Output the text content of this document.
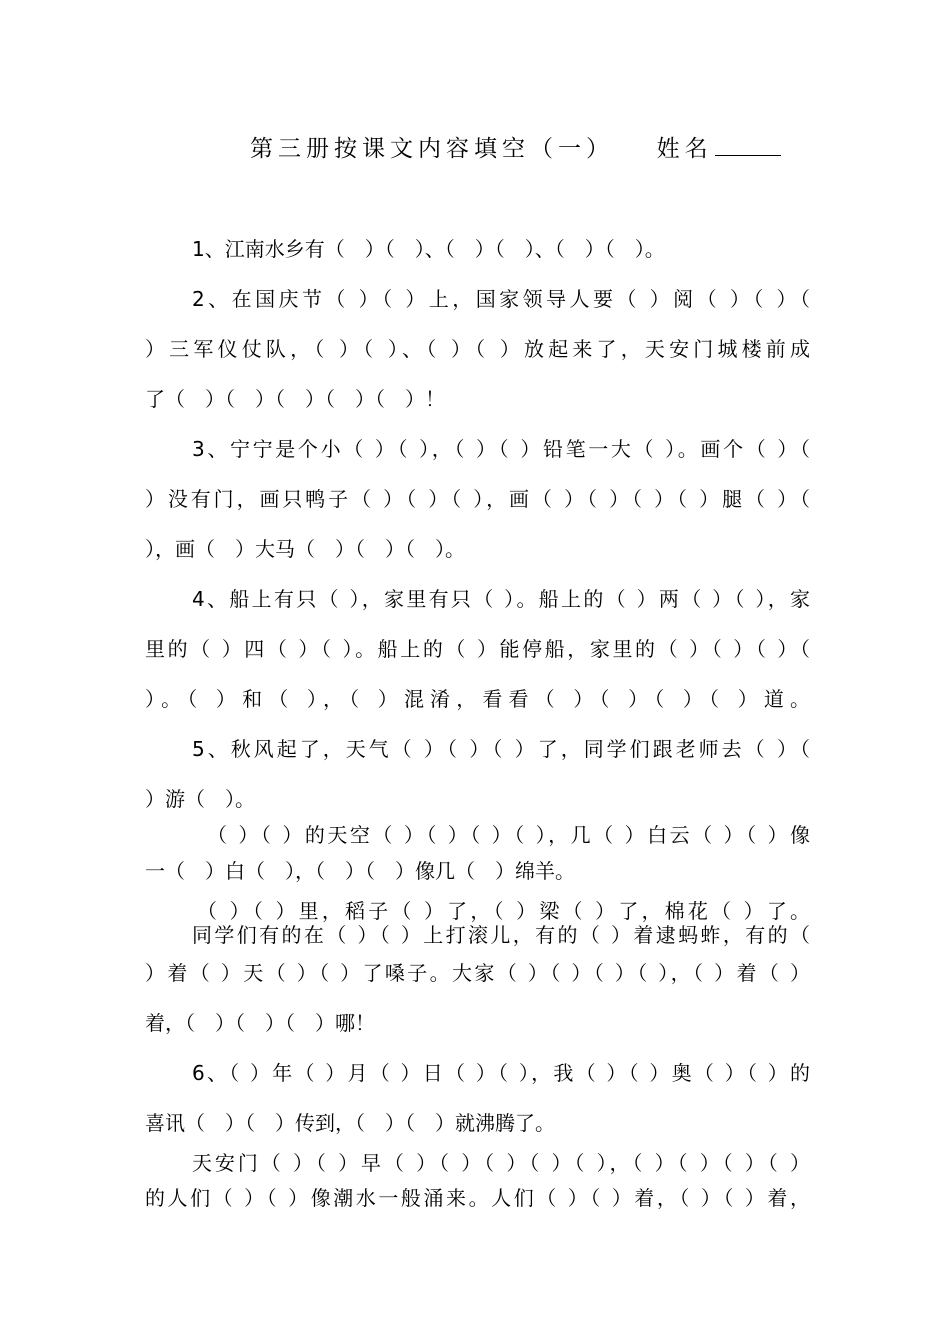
第三册按课文内容填空（一） 姓名
1、江南水乡有（　）（　）、（　）（　）、（　）（　）。
2、在国庆节（ ）（ ）上，国家领导人要（ ）阅（ ）（ ）（
）三军仪仗队，（ ）（ ）、（ ）（ ）放起来了，天安门城楼前成
了（　）（　）（　）（　）（　）！
3、宁宁是个小（ ）（ ），（ ）（ ）铅笔一大（ ）。画个（ ）（
）没有门，画只鸭子（ ）（ ）（ ），画（ ）（ ）（ ）（ ）腿（ ）（
），画（　）大马（　）（　）（　）。
4、船上有只（ ），家里有只（ ）。船上的（ ）两（ ）（ ），家
里的（ ）四（ ）（ ）。船上的（ ）能停船，家里的（ ）（ ）（ ）（
）。（ ）和（ ），（ ）混淆，看看（ ）（ ）（ ）（ ）道。
5、秋风起了，天气（ ）（ ）（ ）了，同学们跟老师去（ ）（
）游（　）。
（ ）（ ）的天空（ ）（ ）（ ）（ ），几（ ）白云（ ）（ ）像
一（　）白（　），（　）（　）像几（　）绵羊。
（ ）（ ）里，稻子（ ）了，（ ）梁（ ）了，棉花（ ）了。
同学们有的在（ ）（ ）上打滚儿，有的（ ）着逮蚂蚱，有的（
）着（ ）天（ ）（ ）了嗓子。大家（ ）（ ）（ ）（ ），（ ）着（ ）
着，（　）（　）（　）哪！
6、（ ）年（ ）月（ ）日（ ）（ ），我（ ）（ ）奥（ ）（ ）的
喜讯（　）（　）传到，（　）（　）就沸腾了。
天安门（ ）（ ）早（ ）（ ）（ ）（ ）（ ），（ ）（ ）（ ）（ ）
的人们（ ）（ ）像潮水一般涌来。人们（ ）（ ）着，（ ）（ ）着，
